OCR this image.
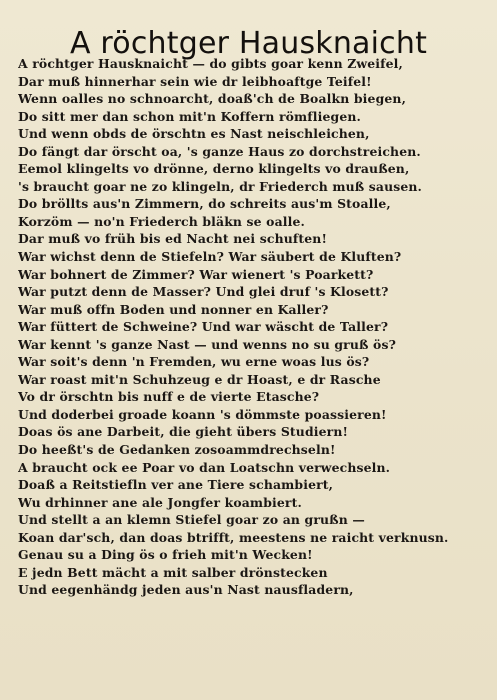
A röchtger Hausknaicht
A röchtger Hausknaicht — do gibts goar kenn Zweifel,
Dar muß hinnerhar sein wie dr leibhoaftge Teifel!
Wenn oalles no schnoarcht, doaß'ch de Boalkn biegen,
Do sitt mer dan schon mit'n Koffern römfliegen.
Und wenn obds de örschtn es Nast neischleichen,
Do fängt dar örscht oa, 's ganze Haus zo dorchstreichen.
Eemol klingelts vo drönne, derno klingelts vo draußen,
's braucht goar ne zo klingeln, dr Friederch muß sausen.
Do bröllts aus'n Zimmern, do schreits aus'm Stoalle,
Korzöm — no'n Friederch bläkn se oalle.
Dar muß vo früh bis ed Nacht nei schuften!
War wichst denn de Stiefeln? War säubert de Kluften?
War bohnert de Zimmer? War wienert 's Poarkett?
War putzt denn de Masser? Und glei druf 's Klosett?
War muß offn Boden und nonner en Kaller?
War füttert de Schweine? Und war wäscht de Taller?
War kennt 's ganze Nast — und wenns no su gruß ös?
War soit's denn 'n Fremden, wu erne woas lus ös?
War roast mit'n Schuhzeug e dr Hoast, e dr Rasche
Vo dr örschtn bis nuff e de vierte Etasche?
Und doderbei groade koann 's dömmste poassieren!
Doas ös ane Darbeit, die gieht übers Studiern!
Do heeßt's de Gedanken zosoammdrechseln!
A braucht ock ee Poar vo dan Loatschn verwechseln.
Doaß a Reitstiefln ver ane Tiere schambiert,
Wu drhinner ane ale Jongfer koambiert.
Und stellt a an klemn Stiefel goar zo an grußn —
Koan dar'sch, dan doas btrifft, meestens ne raicht verknusn.
Genau su a Ding ös o frieh mit'n Wecken!
E jedn Bett mächt a mit salber drönstecken
Und eegenhändg jeden aus'n Nast nausfladern,
